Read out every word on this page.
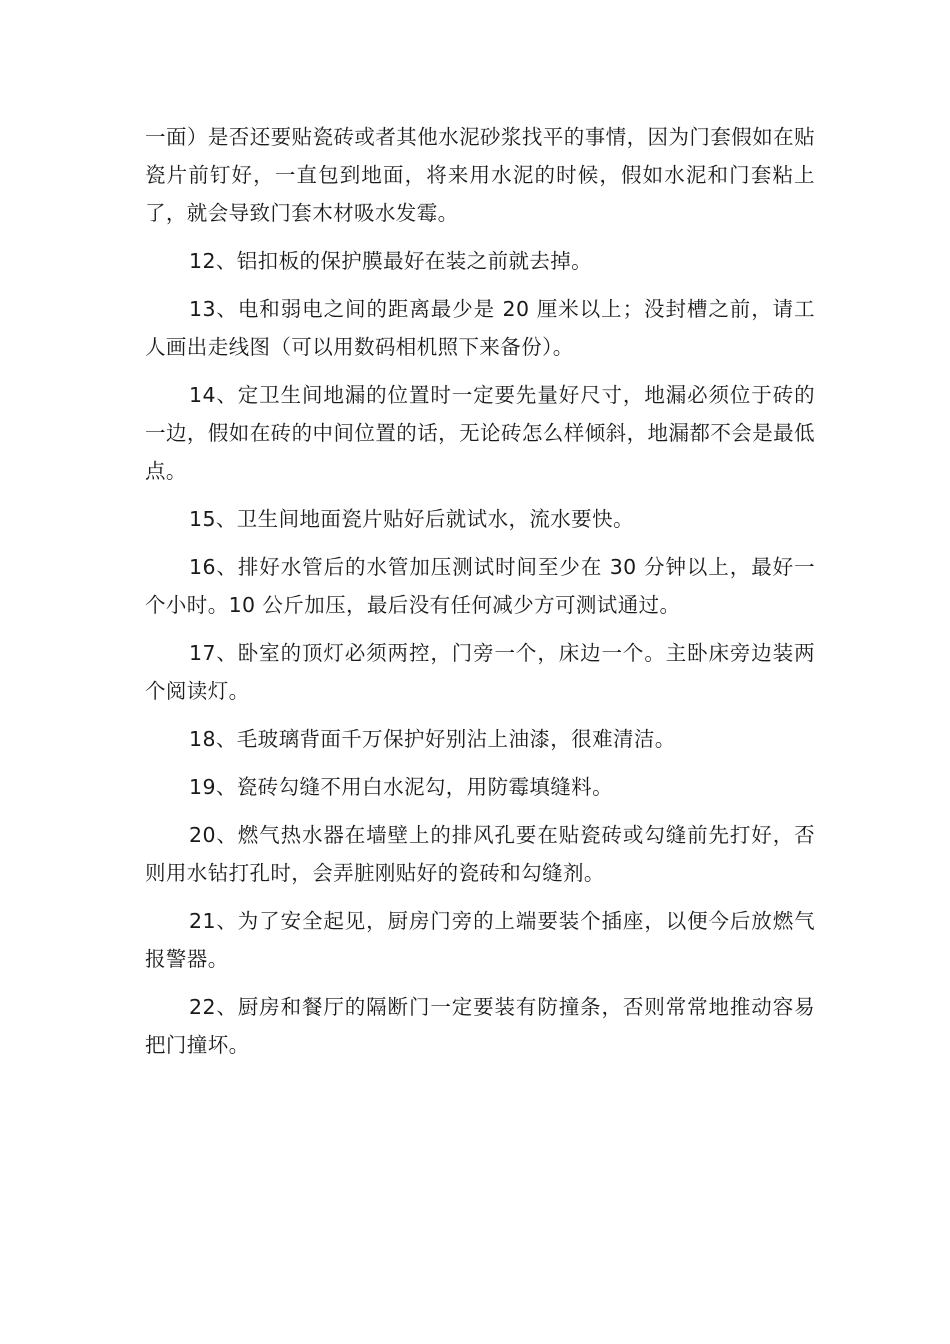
一面）是否还要贴瓷砖或者其他水泥砂浆找平的事情，因为门套假如在贴瓷片前钉好，一直包到地面，将来用水泥的时候，假如水泥和门套粘上了，就会导致门套木材吸水发霉。

12、铝扣板的保护膜最好在装之前就去掉。

13、电和弱电之间的距离最少是 20 厘米以上；没封槽之前，请工人画出走线图（可以用数码相机照下来备份）。

14、定卫生间地漏的位置时一定要先量好尺寸，地漏必须位于砖的一边，假如在砖的中间位置的话，无论砖怎么样倾斜，地漏都不会是最低点。

15、卫生间地面瓷片贴好后就试水，流水要快。

16、排好水管后的水管加压测试时间至少在 30 分钟以上，最好一个小时。10 公斤加压，最后没有任何减少方可测试通过。

17、卧室的顶灯必须两控，门旁一个，床边一个。主卧床旁边装两个阅读灯。

18、毛玻璃背面千万保护好别沾上油漆，很难清洁。

19、瓷砖勾缝不用白水泥勾，用防霉填缝料。

20、燃气热水器在墙壁上的排风孔要在贴瓷砖或勾缝前先打好，否则用水钻打孔时，会弄脏刚贴好的瓷砖和勾缝剂。

21、为了安全起见，厨房门旁的上端要装个插座，以便今后放燃气报警器。

22、厨房和餐厅的隔断门一定要装有防撞条，否则常常地推动容易把门撞坏。
